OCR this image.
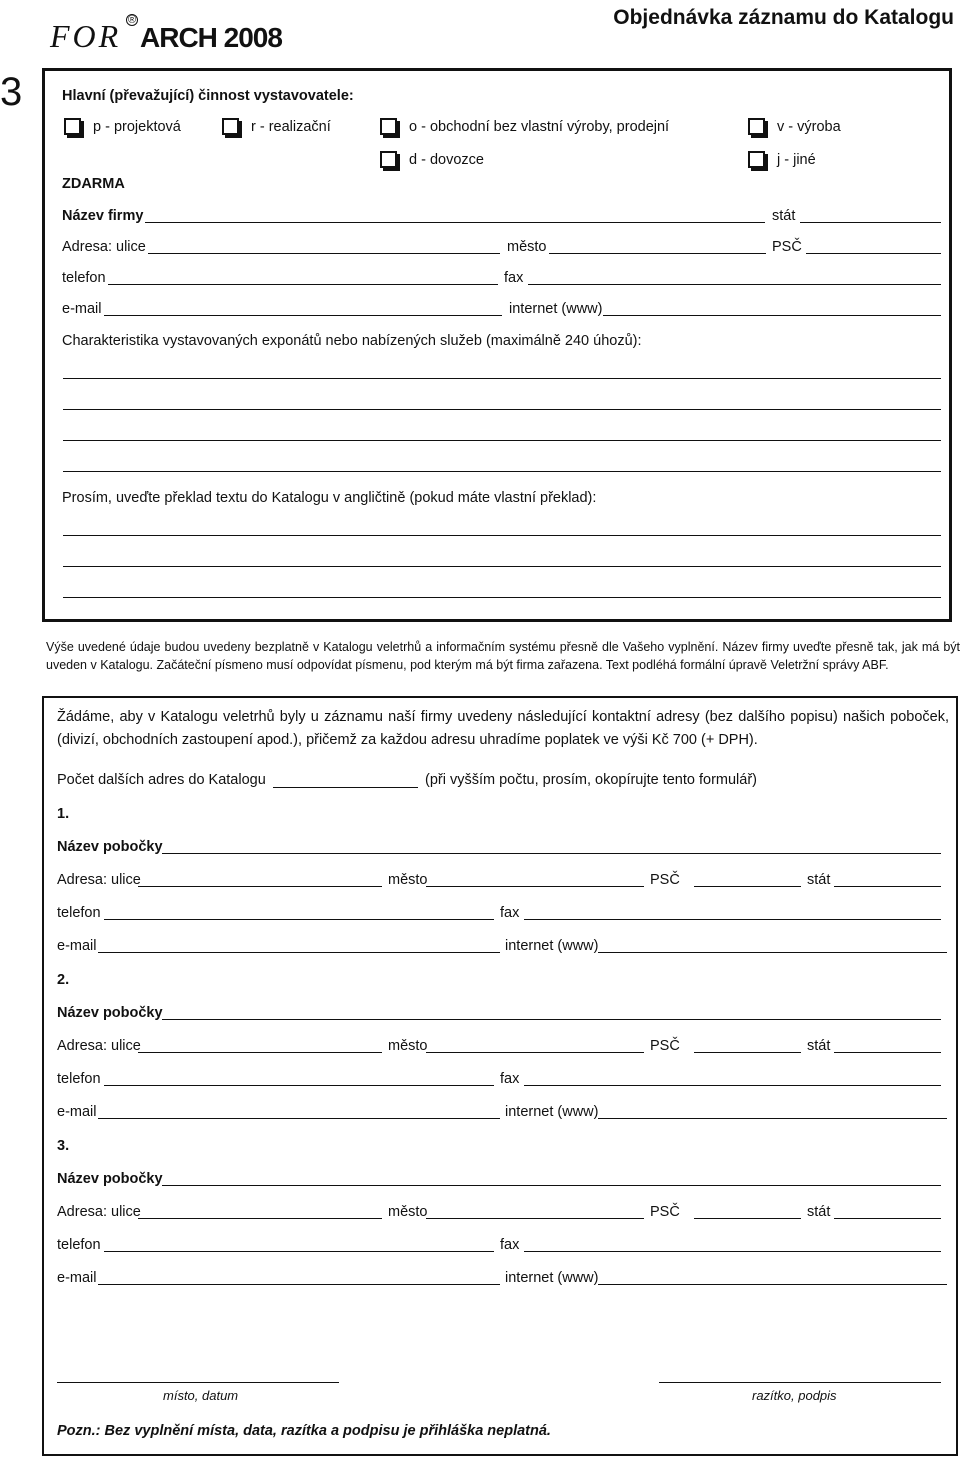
FOR ®
ARCH 2008
Objednávka záznamu do Katalogu
3	Hlavní (převažující) činnost vystavovatele:
p - projektová	r - realizační	o - obchodní bez vlastní výroby, prodejní	v - výroba
d - dovozce	j - jiné
ZDARMA
Název firmy	stát
Adresa: ulice	město	PSČ
telefon	fax
e-mail	internet (www)
Charakteristika vystavovaných exponátů nebo nabízených služeb (maximálně 240 úhozů):
Prosím, uveďte překlad textu do Katalogu v angličtině (pokud máte vlastní překlad):
Výše uvedené údaje budou uvedeny bezplatně v Katalogu veletrhů a informačním systému přesně dle Vašeho vyplnění. Název firmy uveďte přesně tak, jak má být uveden v Katalogu. Začáteční písmeno musí odpovídat písmenu, pod kterým má být firma zařazena. Text podléhá formální úpravě Veletržní správy ABF.
Žádáme, aby v Katalogu veletrhů byly u záznamu naší firmy uvedeny následující kontaktní adresy (bez dalšího popisu) našich poboček, (divizí, obchodních zastoupení apod.), přičemž za každou adresu uhradíme poplatek ve výši Kč 700 (+ DPH).
Počet dalších adres do Katalogu	(při vyšším počtu, prosím, okopírujte tento formulář)
1.
Název pobočky
Adresa: ulice	město	PSČ	stát
telefon	fax
e-mail	internet (www)
2.
Název pobočky
Adresa: ulice	město	PSČ	stát
telefon	fax
e-mail	internet (www)
3.
Název pobočky
Adresa: ulice	město	PSČ	stát
telefon	fax
e-mail	internet (www)
místo, datum	razítko, podpis
Pozn.: Bez vyplnění místa, data, razítka a podpisu je přihláška neplatná.
